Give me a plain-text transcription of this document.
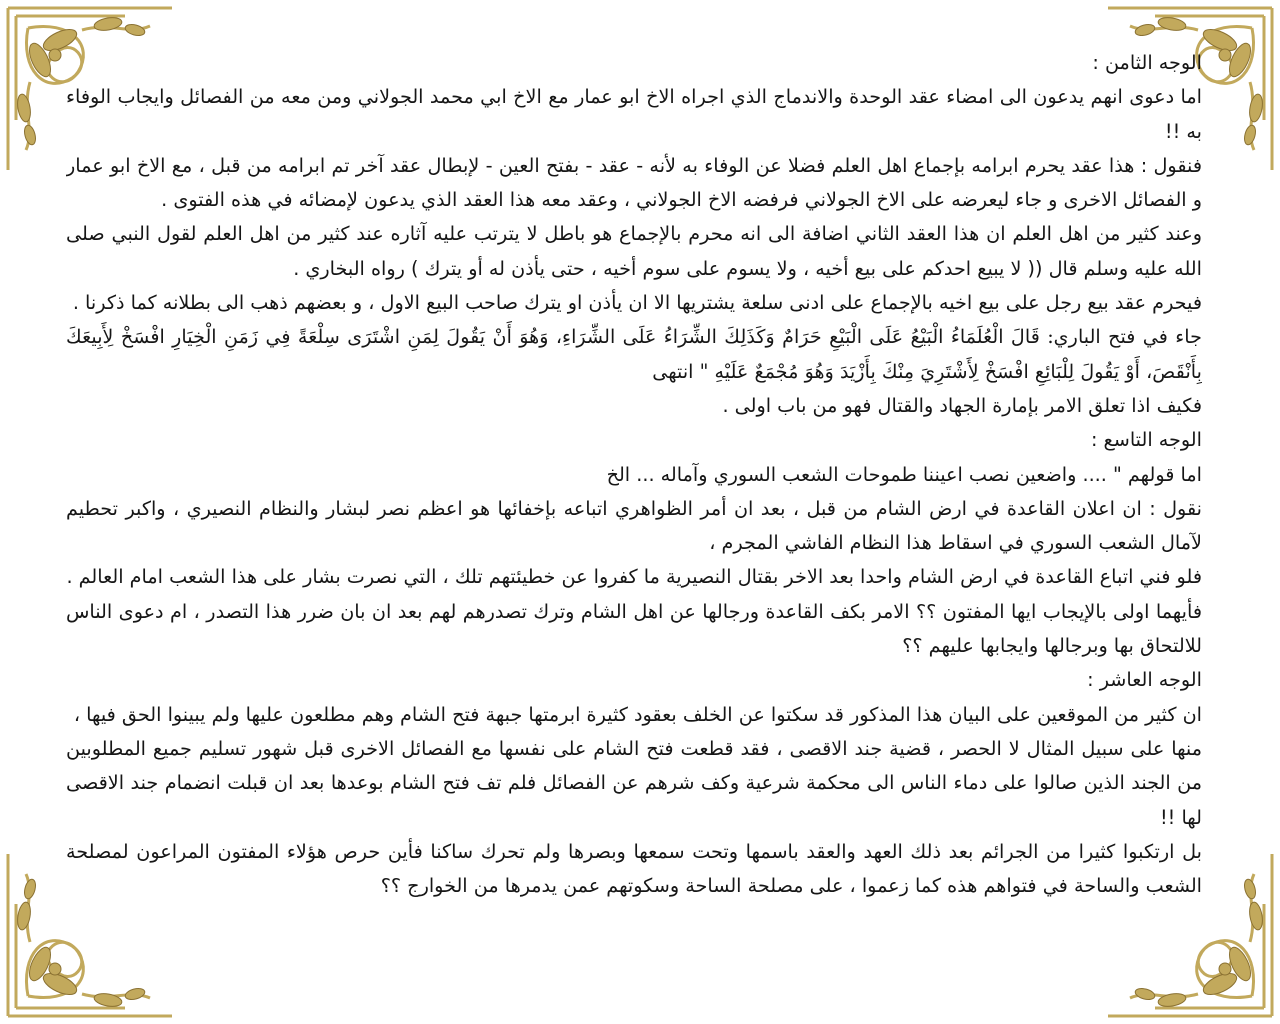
الوجه الثامن :

اما دعوى انهم يدعون الى امضاء عقد الوحدة والاندماج الذي اجراه الاخ ابو عمار مع الاخ ابي محمد الجولاني ومن معه من الفصائل وايجاب الوفاء به !!

فنقول : هذا عقد يحرم ابرامه بإجماع اهل العلم فضلا عن الوفاء به لأنه - عقد - بفتح العين - لإبطال عقد آخر تم ابرامه من قبل ، مع الاخ ابو عمار و الفصائل الاخرى و جاء ليعرضه على الاخ الجولاني فرفضه الاخ الجولاني ، وعقد معه هذا العقد الذي يدعون لإمضائه في هذه الفتوى .

وعند كثير من اهل العلم ان هذا العقد الثاني اضافة الى انه محرم بالإجماع هو باطل لا يترتب عليه آثاره عند كثير من اهل العلم لقول النبي صلى الله عليه وسلم قال (( لا يبيع احدكم على بيع أخيه ، ولا يسوم على سوم أخيه ، حتى يأذن له أو يترك ) رواه البخاري .

فيحرم عقد بيع رجل على بيع اخيه بالإجماع على ادنى سلعة يشتريها الا ان يأذن او يترك صاحب البيع الاول ، و بعضهم ذهب الى بطلانه كما ذكرنا .

جاء في فتح الباري: قَالَ الْعُلَمَاءُ الْبَيْعُ عَلَى الْبَيْعِ حَرَامٌ وَكَذَلِكَ الشِّرَاءُ عَلَى الشِّرَاءِ، وَهُوَ أَنْ يَقُولَ لِمَنِ اشْتَرَى سِلْعَةً فِي زَمَنِ الْخِيَارِ افْسَخْ لِأَبِيعَكَ بِأَنْقَصَ، أَوْ يَقُولَ لِلْبَائِعِ افْسَخْ لِأَشْتَرِيَ مِنْكَ بِأَزْيَدَ وَهُوَ مُجْمَعٌ عَلَيْهِ " انتهى

فكيف اذا تعلق الامر بإمارة الجهاد والقتال فهو من باب اولى .

الوجه التاسع :

اما قولهم " .... واضعين نصب اعيننا طموحات الشعب السوري وآماله ... الخ

نقول : ان اعلان القاعدة في ارض الشام من قبل ، بعد ان أمر الظواهري اتباعه بإخفائها هو اعظم نصر لبشار والنظام النصيري ، واكبر تحطيم لآمال الشعب السوري في اسقاط هذا النظام الفاشي المجرم ،

فلو فني اتباع القاعدة في ارض الشام واحدا بعد الاخر بقتال النصيرية ما كفروا عن خطيئتهم تلك ، التي نصرت بشار على هذا الشعب امام العالم .

فأيهما اولى بالإيجاب ايها المفتون ؟؟ الامر بكف القاعدة ورجالها عن اهل الشام وترك تصدرهم لهم بعد ان بان ضرر هذا التصدر ، ام دعوى الناس للالتحاق بها وبرجالها وايجابها عليهم ؟؟

الوجه العاشر :

ان كثير من الموقعين على البيان هذا المذكور قد سكتوا عن الخلف بعقود كثيرة ابرمتها جبهة فتح الشام وهم مطلعون عليها ولم يبينوا الحق فيها ،

منها على سبيل المثال لا الحصر ، قضية جند الاقصى ، فقد قطعت فتح الشام على نفسها مع الفصائل الاخرى قبل شهور تسليم جميع المطلوبين من الجند الذين صالوا على دماء الناس الى محكمة شرعية وكف شرهم عن الفصائل فلم تف فتح الشام بوعدها بعد ان قبلت انضمام جند الاقصى لها !!

بل ارتكبوا كثيرا من الجرائم بعد ذلك العهد والعقد باسمها وتحت سمعها وبصرها ولم تحرك ساكنا فأين حرص هؤلاء المفتون المراعون لمصلحة الشعب والساحة في فتواهم هذه كما زعموا ، على مصلحة الساحة وسكوتهم عمن يدمرها من الخوارج ؟؟
